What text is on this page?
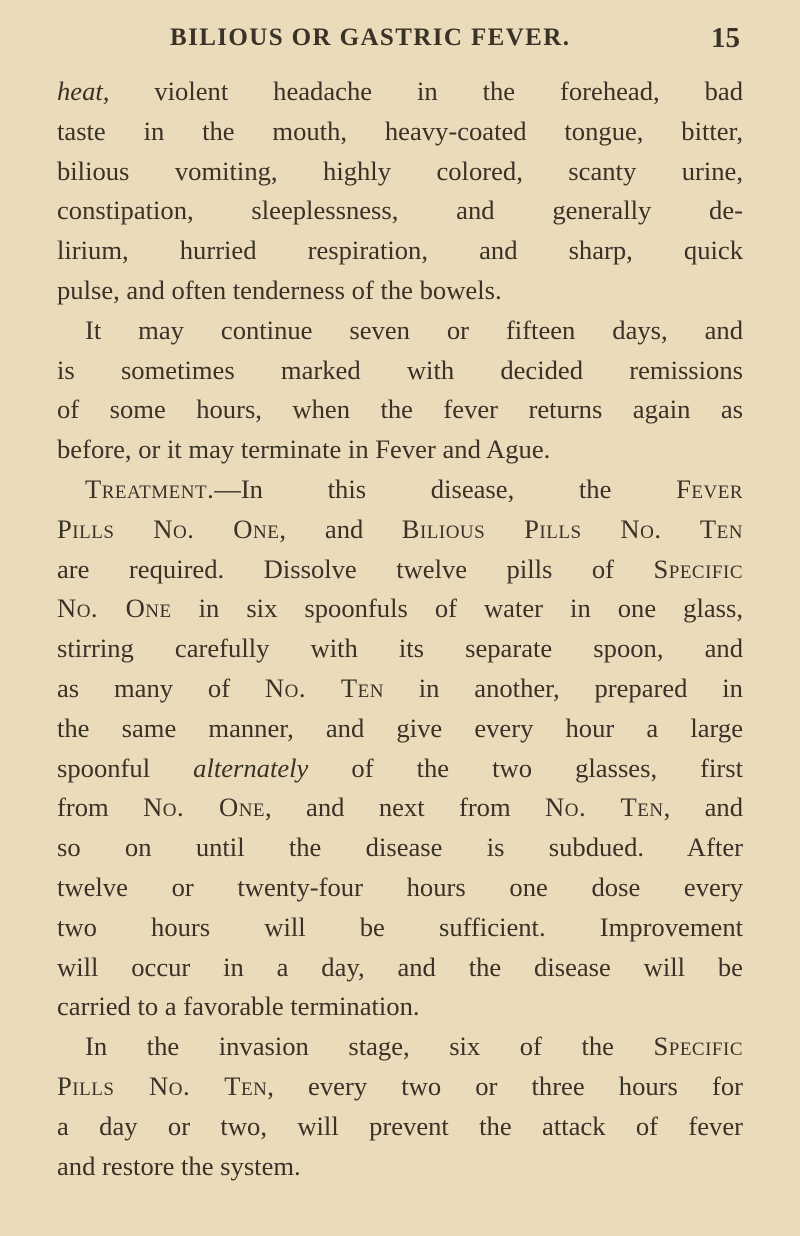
BILIOUS OR GASTRIC FEVER.	15
heat, violent headache in the forehead, bad
taste in the mouth, heavy-coated tongue, bitter,
bilious vomiting, highly colored, scanty urine,
constipation, sleeplessness, and generally de-
lirium, hurried respiration, and sharp, quick
pulse, and often tenderness of the bowels.
It may continue seven or fifteen days, and
is sometimes marked with decided remissions
of some hours, when the fever returns again as
before, or it may terminate in Fever and Ague.
Treatment.—In this disease, the Fever
Pills No. One, and Bilious Pills No. Ten
are required. Dissolve twelve pills of Specific
No. One in six spoonfuls of water in one glass,
stirring carefully with its separate spoon, and
as many of No. Ten in another, prepared in
the same manner, and give every hour a large
spoonful alternately of the two glasses, first
from No. One, and next from No. Ten, and
so on until the disease is subdued. After
twelve or twenty-four hours one dose every
two hours will be sufficient. Improvement
will occur in a day, and the disease will be
carried to a favorable termination.
In the invasion stage, six of the Specific
Pills No. Ten, every two or three hours for
a day or two, will prevent the attack of fever
and restore the system.
